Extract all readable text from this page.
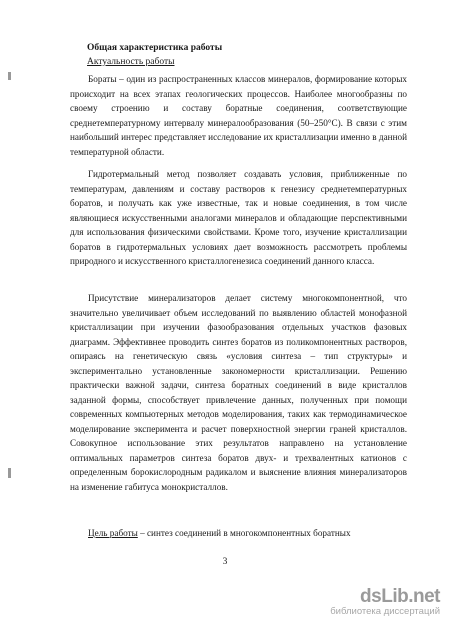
Общая характеристика работы
Актуальность работы

Бораты – один из распространенных классов минералов, формирование которых происходит на всех этапах геологических процессов. Наиболее многообразны по своему строению и составу боратные соединения, соответствующие среднетемпературному интервалу минералообразования (50–250°С). В связи с этим наибольший интерес представляет исследование их кристаллизации именно в данной температурной области.

Гидротермальный метод позволяет создавать условия, приближенные по температурам, давлениям и составу растворов к генезису среднетемпературных боратов, и получать как уже известные, так и новые соединения, в том числе являющиеся искусственными аналогами минералов и обладающие перспективными для использования физическими свойствами. Кроме того, изучение кристаллизации боратов в гидротермальных условиях дает возможность рассмотреть проблемы природного и искусственного кристаллогенезиса соединений данного класса.

Присутствие минерализаторов делает систему многокомпонентной, что значительно увеличивает объем исследований по выявлению областей монофазной кристаллизации при изучении фазообразования отдельных участков фазовых диаграмм. Эффективнее проводить синтез боратов из поликомпонентных растворов, опираясь на генетическую связь «условия синтеза – тип структуры» и экспериментально установленные закономерности кристаллизации. Решению практически важной задачи, синтеза боратных соединений в виде кристаллов заданной формы, способствует привлечение данных, полученных при помощи современных компьютерных методов моделирования, таких как термодинамическое моделирование эксперимента и расчет поверхностной энергии граней кристаллов. Совокупное использование этих результатов направлено на установление оптимальных параметров синтеза боратов двух- и трехвалентных катионов с определенным борокислородным радикалом и выяснение влияния минерализаторов на изменение габитуса монокристаллов.

Цель работы – синтез соединений в многокомпонентных боратных

3
dsLib.net
библиотека диссертаций
